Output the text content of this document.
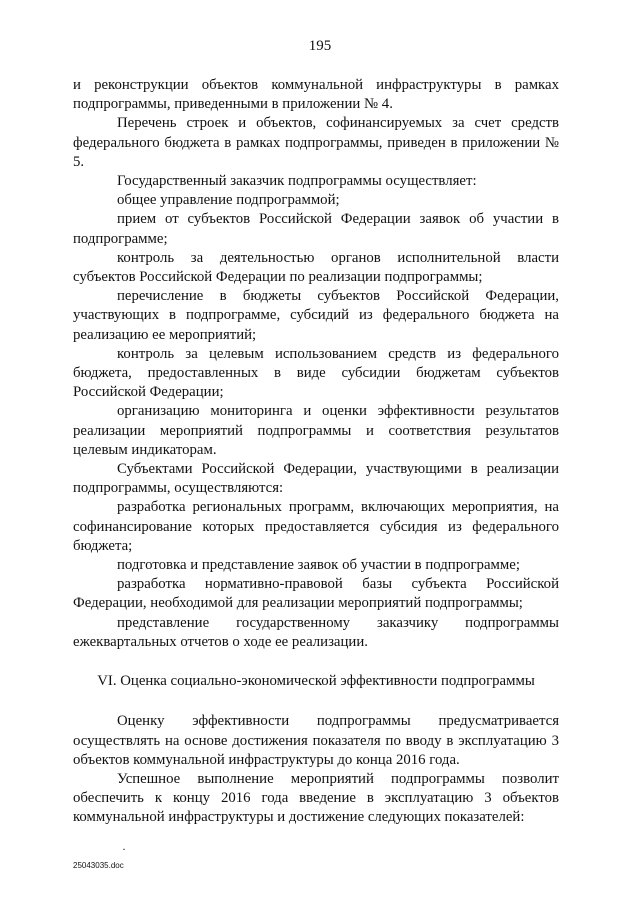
195

и реконструкции объектов коммунальной инфраструктуры в рамках подпрограммы, приведенными в приложении № 4.

Перечень строек и объектов, софинансируемых за счет средств федерального бюджета в рамках подпрограммы, приведен в приложении № 5.

Государственный заказчик подпрограммы осуществляет:

общее управление подпрограммой;

прием от субъектов Российской Федерации заявок об участии в подпрограмме;

контроль за деятельностью органов исполнительной власти субъектов Российской Федерации по реализации подпрограммы;

перечисление в бюджеты субъектов Российской Федерации, участвующих в подпрограмме, субсидий из федерального бюджета на реализацию ее мероприятий;

контроль за целевым использованием средств из федерального бюджета, предоставленных в виде субсидии бюджетам субъектов Российской Федерации;

организацию мониторинга и оценки эффективности результатов реализации мероприятий подпрограммы и соответствия результатов целевым индикаторам.

Субъектами Российской Федерации, участвующими в реализации подпрограммы, осуществляются:

разработка региональных программ, включающих мероприятия, на софинансирование которых предоставляется субсидия из федерального бюджета;

подготовка и представление заявок об участии в подпрограмме;

разработка нормативно-правовой базы субъекта Российской Федерации, необходимой для реализации мероприятий подпрограммы;

представление государственному заказчику подпрограммы ежеквартальных отчетов о ходе ее реализации.

VI. Оценка социально-экономической эффективности подпрограммы

Оценку эффективности подпрограммы предусматривается осуществлять на основе достижения показателя по вводу в эксплуатацию 3 объектов коммунальной инфраструктуры до конца 2016 года.

Успешное выполнение мероприятий подпрограммы позволит обеспечить к концу 2016 года введение в эксплуатацию 3 объектов коммунальной инфраструктуры и достижение следующих показателей:

·
25043035.doc
